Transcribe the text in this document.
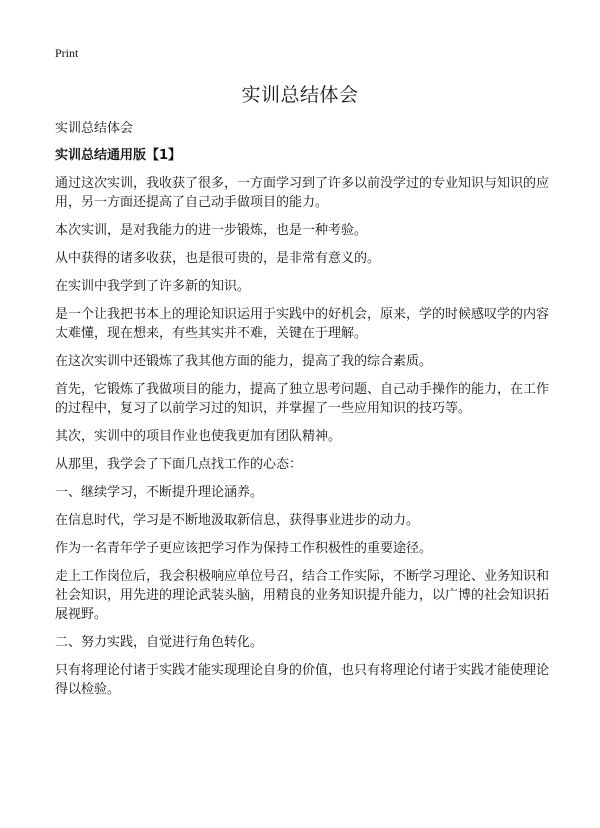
Print
实训总结体会

实训总结体会

实训总结通用版【1】

通过这次实训，我收获了很多，一方面学习到了许多以前没学过的专业知识与知识的应用，另一方面还提高了自己动手做项目的能力。

本次实训，是对我能力的进一步锻炼，也是一种考验。

从中获得的诸多收获，也是很可贵的，是非常有意义的。

在实训中我学到了许多新的知识。

是一个让我把书本上的理论知识运用于实践中的好机会，原来，学的时候感叹学的内容太难懂，现在想来，有些其实并不难，关键在于理解。

在这次实训中还锻炼了我其他方面的能力，提高了我的综合素质。

首先，它锻炼了我做项目的能力，提高了独立思考问题、自己动手操作的能力，在工作的过程中，复习了以前学习过的知识，并掌握了一些应用知识的技巧等。

其次，实训中的项目作业也使我更加有团队精神。

从那里，我学会了下面几点找工作的心态：

一、继续学习，不断提升理论涵养。

在信息时代，学习是不断地汲取新信息，获得事业进步的动力。

作为一名青年学子更应该把学习作为保持工作积极性的重要途径。

走上工作岗位后，我会积极响应单位号召，结合工作实际，不断学习理论、业务知识和社会知识，用先进的理论武装头脑，用精良的业务知识提升能力，以广博的社会知识拓展视野。

二、努力实践，自觉进行角色转化。

只有将理论付诸于实践才能实现理论自身的价值，也只有将理论付诸于实践才能使理论得以检验。
